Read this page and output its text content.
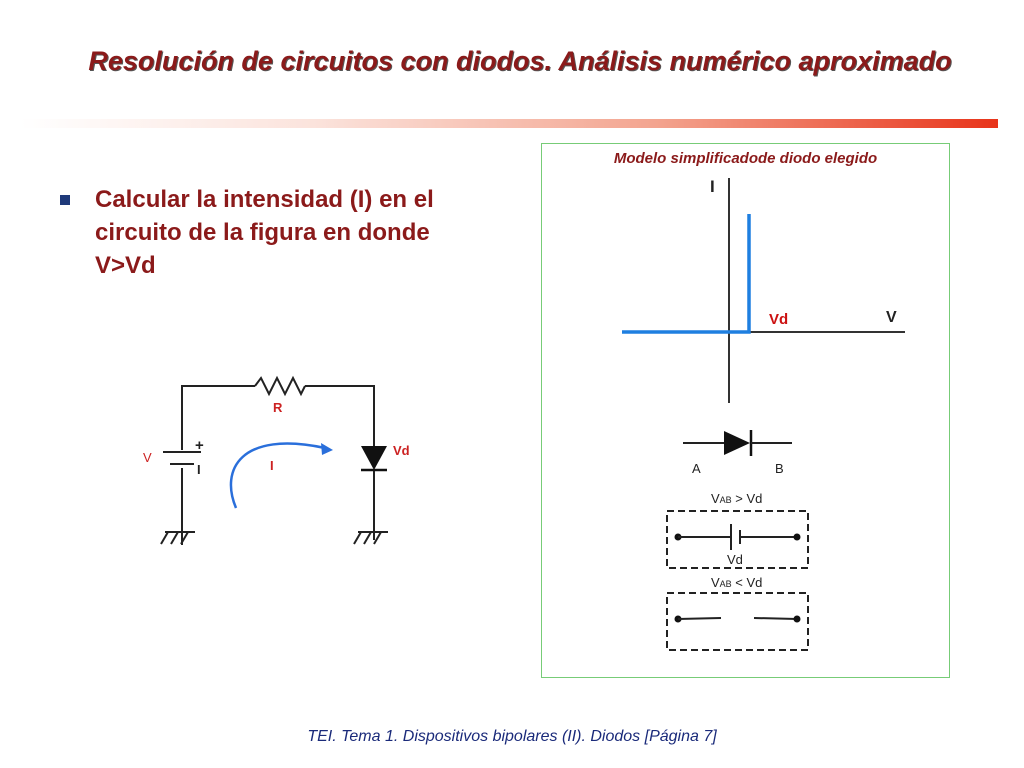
Resolución de circuitos con diodos. Análisis numérico aproximado
Calcular la intensidad (I) en el circuito de la figura en donde V>Vd
R
V
+
I	I
Vd
Modelo simplificadode diodo elegido
I
V
Vd
A	B
VAB > Vd
Vd
VAB < Vd
TEI. Tema 1. Dispositivos bipolares (II). Diodos [Página 7]
